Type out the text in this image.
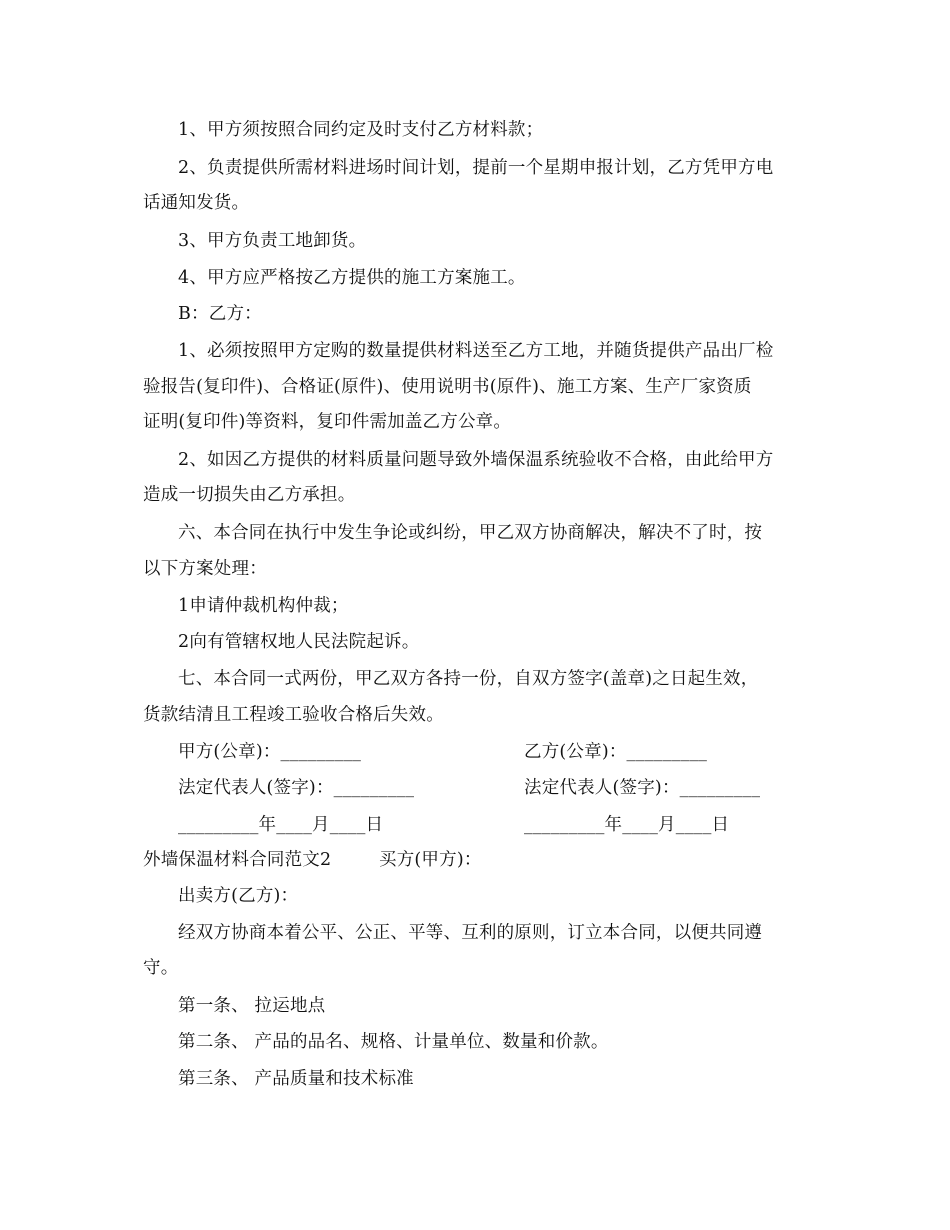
1、甲方须按照合同约定及时支付乙方材料款；
2、负责提供所需材料进场时间计划，提前一个星期申报计划，乙方凭甲方电
话通知发货。
3、甲方负责工地卸货。
4、甲方应严格按乙方提供的施工方案施工。
B：乙方：
1、必须按照甲方定购的数量提供材料送至乙方工地，并随货提供产品出厂检
验报告(复印件)、合格证(原件)、使用说明书(原件)、施工方案、生产厂家资质
证明(复印件)等资料，复印件需加盖乙方公章。
2、如因乙方提供的材料质量问题导致外墙保温系统验收不合格，由此给甲方
造成一切损失由乙方承担。
六、本合同在执行中发生争论或纠纷，甲乙双方协商解决，解决不了时，按
以下方案处理：
1申请仲裁机构仲裁；
2向有管辖权地人民法院起诉。
七、本合同一式两份，甲乙双方各持一份，自双方签字(盖章)之日起生效，
货款结清且工程竣工验收合格后失效。
甲方(公章)：_________	乙方(公章)：_________
法定代表人(签字)：_________	法定代表人(签字)：_________
_________年____月____日	_________年____月____日
外墙保温材料合同范文2	买方(甲方)：
出卖方(乙方)：
经双方协商本着公平、公正、平等、互利的原则，订立本合同，以便共同遵
守。
第一条、 拉运地点
第二条、 产品的品名、规格、计量单位、数量和价款。
第三条、 产品质量和技术标准
